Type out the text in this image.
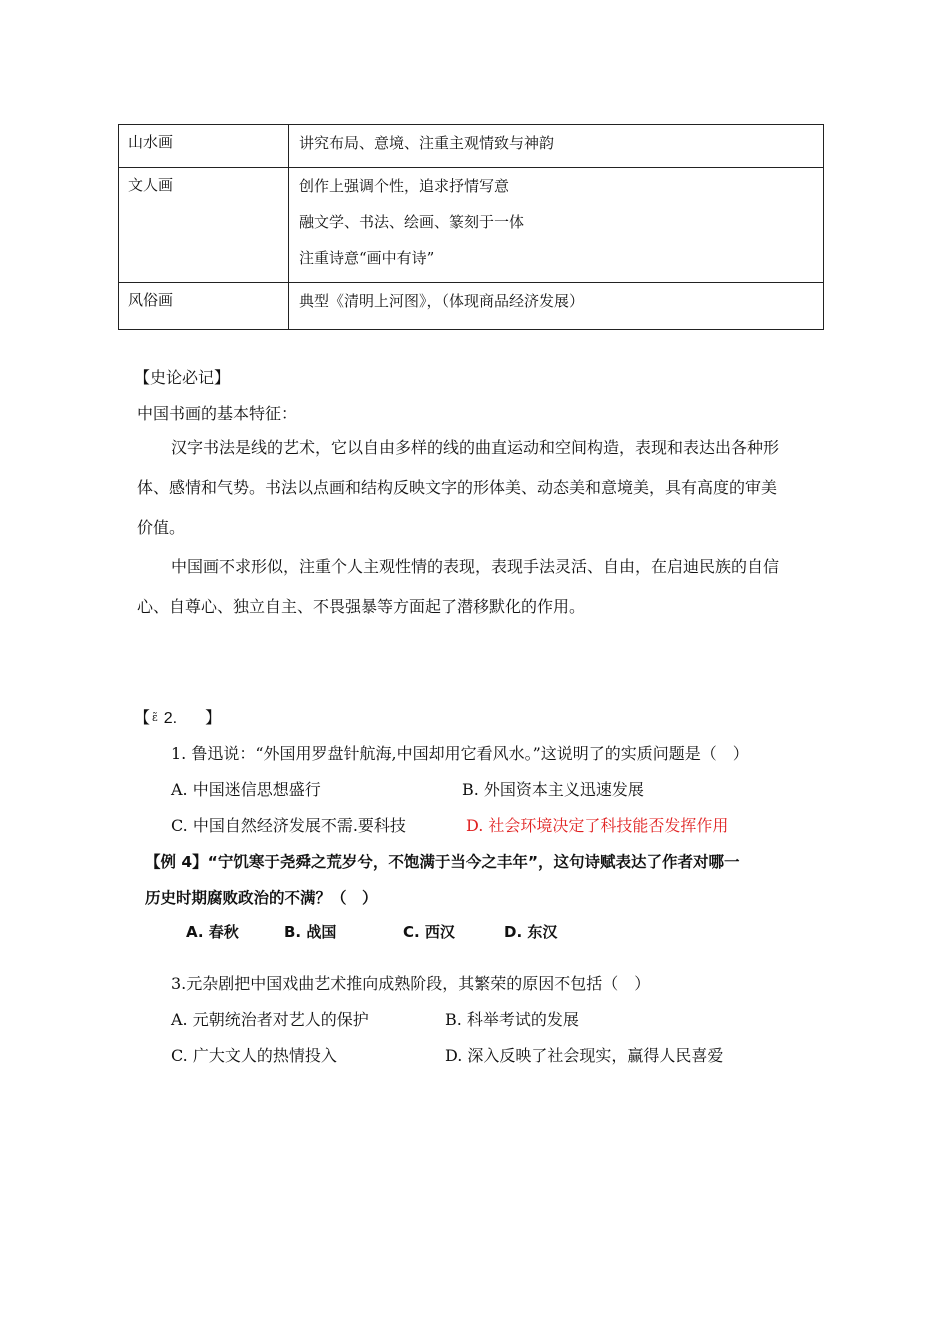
山水画	讲究布局、意境、注重主观情致与神韵

文人画	创作上强调个性，追求抒情写意
融文学、书法、绘画、篆刻于一体
注重诗意“画中有诗”

风俗画	典型《清明上河图》，（体现商品经济发展）
【史论必记】
中国书画的基本特征：
汉字书法是线的艺术，它以自由多样的线的曲直运动和空间构造，表现和表达出各种形
体、感情和气势。书法以点画和结构反映文字的形体美、动态美和意境美，具有高度的审美
价值。
中国画不求形似，注重个人主观性情的表现，表现手法灵活、自由，在启迪民族的自信
心、自尊心、独立自主、不畏强暴等方面起了潜移默化的作用。
【 ɛ̃ 2. 】
1. 鲁迅说：“外国用罗盘针航海,中国却用它看风水。”这说明了的实质问题是（　）
A. 中国迷信思想盛行	B. 外国资本主义迅速发展
C. 中国自然经济发展不需.要科技	D. 社会环境决定了科技能否发挥作用
【例 4】“宁饥寒于尧舜之荒岁兮，不饱满于当今之丰年”，这句诗赋表达了作者对哪一
历史时期腐败政治的不满？（　）
A. 春秋	B. 战国	C. 西汉	D. 东汉
3.元杂剧把中国戏曲艺术推向成熟阶段，其繁荣的原因不包括（　）
A. 元朝统治者对艺人的保护	B. 科举考试的发展
C. 广大文人的热情投入	D. 深入反映了社会现实，赢得人民喜爱
